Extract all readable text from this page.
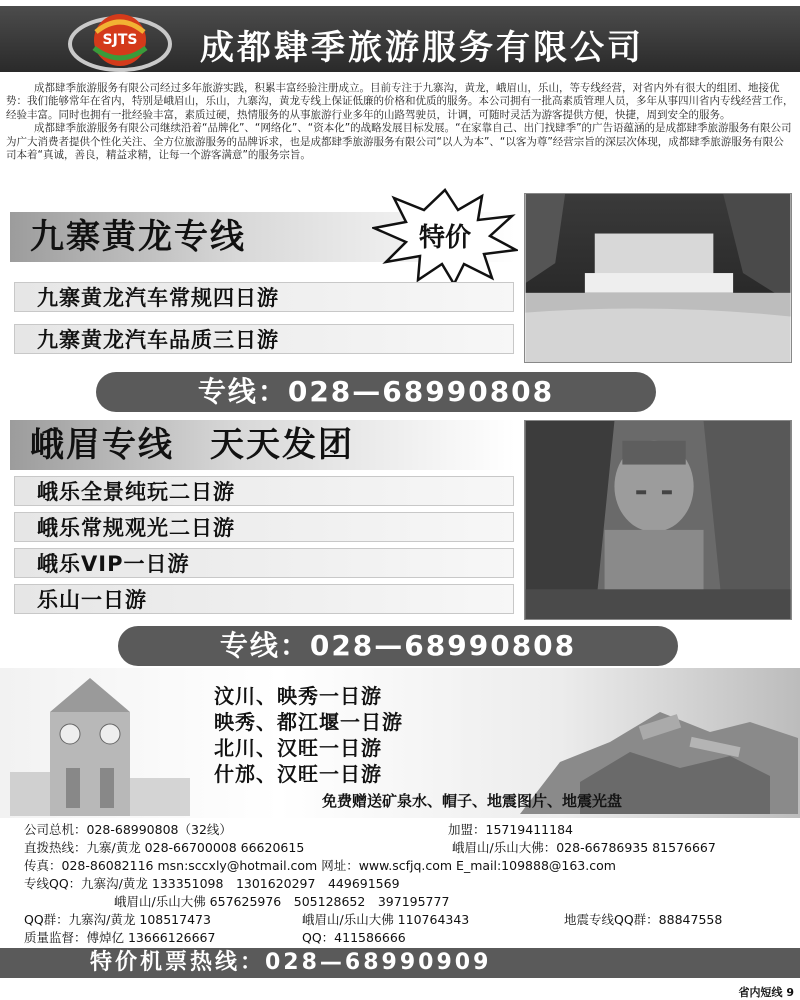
SJTS 成都肆季旅游服务有限公司

成都肆季旅游服务有限公司经过多年旅游实践，积累丰富经验注册成立。目前专注于九寨沟，黄龙，峨眉山，乐山，等专线经营，对省内外有很大的组团、地接优势：我们能够常年在省内，特别是峨眉山，乐山，九寨沟，黄龙专线上保证低廉的价格和优质的服务。本公司拥有一批高素质管理人员，多年从事四川省内专线经营工作，经验丰富。同时也拥有一批经验丰富，素质过硬，热情服务的从事旅游行业多年的山路驾驶员，计调，可随时灵活为游客提供方便，快捷，周到安全的服务。

成都肆季旅游服务有限公司继续沿着“品牌化”、“网络化”、“资本化”的战略发展目标发展。“在家靠自己、出门找肆季”的广告语蕴涵的是成都肆季旅游服务有限公司为广大消费者提供个性化关注、全方位旅游服务的品牌诉求，也是成都肆季旅游服务有限公司“以人为本”、“以客为尊”经营宗旨的深层次体现，成都肆季旅游服务有限公司本着“真诚，善良，精益求精，让每一个游客满意”的服务宗旨。

九寨黄龙专线	特价
九寨黄龙汽车常规四日游
九寨黄龙汽车品质三日游
专线：028—68990808
峨眉专线　天天发团
峨乐全景纯玩二日游
峨乐常规观光二日游
峨乐VIP一日游
乐山一日游
专线：028—68990808
汶川、映秀一日游
映秀、都江堰一日游
北川、汉旺一日游
什邡、汉旺一日游
免费赠送矿泉水、帽子、地震图片、地震光盘
公司总机：028-68990808（32线）	加盟：15719411184
直拨热线：九寨/黄龙 028-66700008 66620615	峨眉山/乐山大佛：028-66786935 81576667
传真：028-86082116 msn:sccxly@hotmail.com 网址：www.scfjq.com E_mail:109888@163.com
专线QQ：九寨沟/黄龙 133351098　1301620297　449691569
峨眉山/乐山大佛 657625976　505128652　397195777
QQ群：九寨沟/黄龙 108517473	峨眉山/乐山大佛 110764343	地震专线QQ群：88847558
质量监督：傅焯亿 13666126667	QQ：411586666
特价机票热线：028—68990909
省内短线 9
